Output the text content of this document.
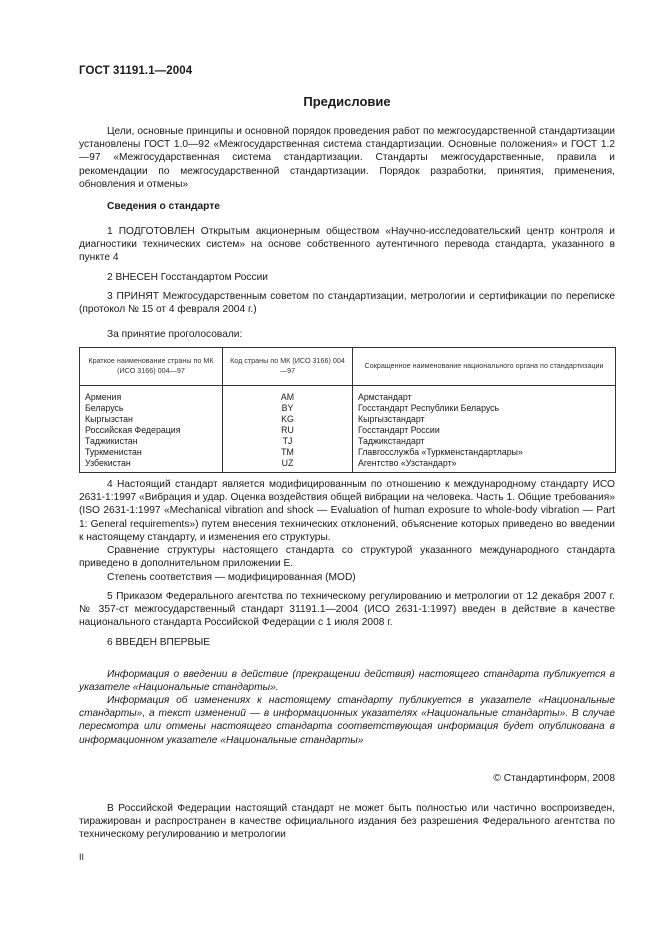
ГОСТ 31191.1—2004
Предисловие

Цели, основные принципы и основной порядок проведения работ по межгосударственной стандартизации установлены ГОСТ 1.0—92 «Межгосударственная система стандартизации. Основные положения» и ГОСТ 1.2—97 «Межгосударственная система стандартизации. Стандарты межгосударственные, правила и рекомендации по межгосударственной стандартизации. Порядок разработки, принятия, применения, обновления и отмены»

Сведения о стандарте

1 ПОДГОТОВЛЕН Открытым акционерным обществом «Научно-исследовательский центр контроля и диагностики технических систем» на основе собственного аутентичного перевода стандарта, указанного в пункте 4

2 ВНЕСЕН Госстандартом России

3 ПРИНЯТ Межгосударственным советом по стандартизации, метрологии и сертификации по переписке (протокол № 15 от 4 февраля 2004 г.)

За принятие проголосовали:

Краткое наименование страны по МК (ИСО 3166) 004—97	Код страны по МК (ИСО 3166) 004—97	Сокращенное наименование национального органа по стандартизации
Армения	AM	Армстандарт
Беларусь	BY	Госстандарт Республики Беларусь
Кыргызстан	KG	Кыргызстандарт
Российская Федерация	RU	Госстандарт России
Таджикистан	TJ	Таджикстандарт
Туркменистан	TM	Главгосслужба «Туркменстандартлары»
Узбекистан	UZ	Агентство «Узстандарт»

4 Настоящий стандарт является модифицированным по отношению к международному стандарту ИСО 2631-1:1997 «Вибрация и удар. Оценка воздействия общей вибрации на человека. Часть 1. Общие требования» (ISO 2631-1:1997 «Mechanical vibration and shock — Evaluation of human exposure to whole-body vibration — Part 1: General requirements») путем внесения технических отклонений, объяснение которых приведено во введении к настоящему стандарту, и изменения его структуры.

Сравнение структуры настоящего стандарта со структурой указанного международного стандарта приведено в дополнительном приложении Е.

Степень соответствия — модифицированная (MOD)

5 Приказом Федерального агентства по техническому регулированию и метрологии от 12 декабря 2007 г. № 357-ст межгосударственный стандарт 31191.1—2004 (ИСО 2631-1:1997) введен в действие в качестве национального стандарта Российской Федерации с 1 июля 2008 г.

6 ВВЕДЕН ВПЕРВЫЕ

Информация о введении в действие (прекращении действия) настоящего стандарта публикуется в указателе «Национальные стандарты».

Информация об изменениях к настоящему стандарту публикуется в указателе «Национальные стандарты», а текст изменений — в информационных указателях «Национальные стандарты». В случае пересмотра или отмены настоящего стандарта соответствующая информация будет опубликована в информационном указателе «Национальные стандарты»

© Стандартинформ, 2008

В Российской Федерации настоящий стандарт не может быть полностью или частично воспроизведен, тиражирован и распространен в качестве официального издания без разрешения Федерального агентства по техническому регулированию и метрологии

II
